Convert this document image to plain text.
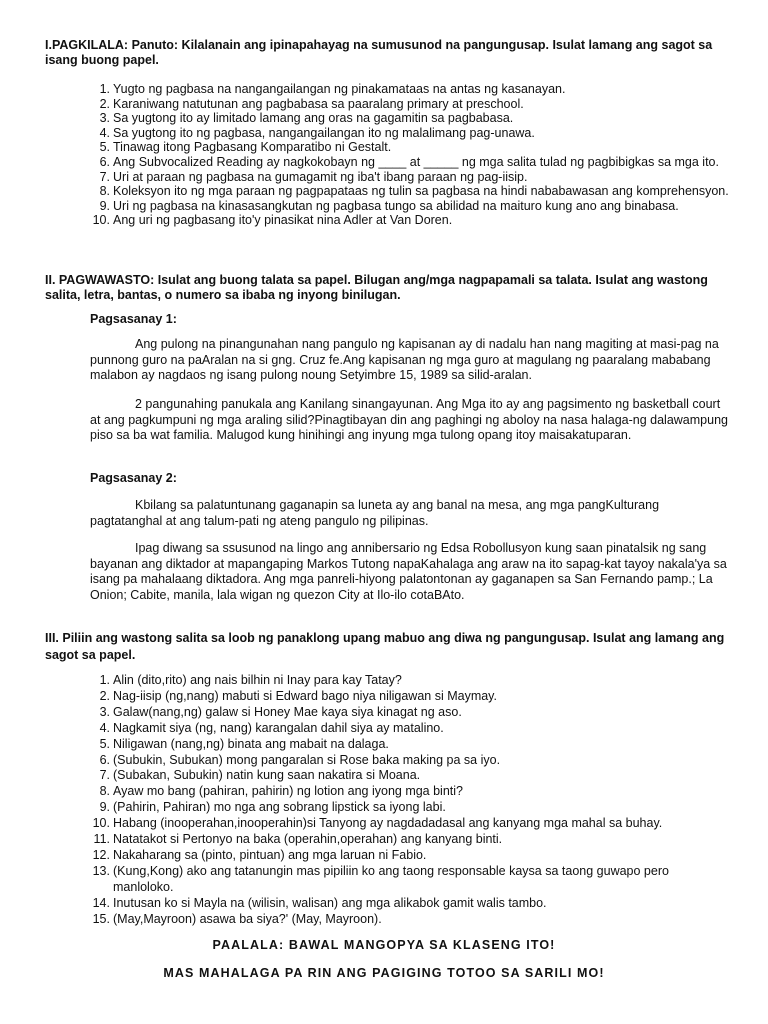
I.PAGKILALA: Panuto: Kilalanain ang ipinapahayag na sumusunod na pangungusap. Isulat lamang ang sagot sa isang buong papel.

1. Yugto ng pagbasa na nangangailangan ng pinakamataas na antas ng kasanayan.
2. Karaniwang natutunan ang pagbabasa sa paaralang primary at preschool.
3. Sa yugtong ito ay limitado lamang ang oras na gagamitin sa pagbabasa.
4. Sa yugtong ito ng pagbasa, nangangailangan ito ng malalimang pag-unawa.
5. Tinawag itong Pagbasang Komparatibo ni Gestalt.
6. Ang Subvocalized Reading ay nagkokobayn ng ____ at _____ ng mga salita tulad ng pagbibigkas sa mga ito.
7. Uri at paraan ng pagbasa na gumagamit ng iba't ibang paraan ng pag-iisip.
8. Koleksyon ito ng mga paraan ng pagpapataas ng tulin sa pagbasa na hindi nababawasan ang komprehensyon.
9. Uri ng pagbasa na kinasasangkutan ng pagbasa tungo sa abilidad na maituro kung ano ang binabasa.
10. Ang uri ng pagbasang ito'y pinasikat nina Adler at Van Doren.

II. PAGWAWASTO: Isulat ang buong talata sa papel. Bilugan ang/mga nagpapamali sa talata. Isulat ang wastong salita, letra, bantas, o numero sa ibaba ng inyong binilugan.

Pagsasanay 1:

Ang pulong na pinangunahan nang pangulo ng kapisanan ay di nadalu han nang magiting at masi-pag na punnong guro na paAralan na si gng. Cruz fe.Ang kapisanan ng mga guro at magulang ng paaralang mababang malabon ay nagdaos ng isang pulong noung Setyimbre 15, 1989 sa silid-aralan.

2 pangunahing panukala ang Kanilang sinangayunan. Ang Mga ito ay ang pagsimento ng basketball court at ang pagkumpuni ng mga araling silid?Pinagtibayan din ang paghingi ng aboloy na nasa halaga-ng dalawampung piso sa ba wat familia. Malugod kung hinihingi ang inyung mga tulong opang itoy maisakatuparan.

Pagsasanay 2:

Kbilang sa palatuntunang gaganapin sa luneta ay ang banal na mesa, ang mga pangKulturang pagtatanghal at ang talum-pati ng ateng pangulo ng pilipinas.

Ipag diwang sa ssusunod na lingo ang annibersario ng Edsa Robollusyon kung saan pinatalsik ng sang bayanan ang diktador at mapangaping Markos Tutong napaKahalaga ang araw na ito sapag-kat tayoy nakala'ya sa isang pa mahalaang diktadora. Ang mga panreli-hiyong palatontonan ay gaganapen sa San Fernando pamp.; La Onion; Cabite, manila, lala wigan ng quezon City at Ilo-ilo cotaBAto.

III. Piliin ang wastong salita sa loob ng panaklong upang mabuo ang diwa ng pangungusap. Isulat ang lamang ang sagot sa papel.

1. Alin (dito,rito) ang nais bilhin ni Inay para kay Tatay?
2. Nag-iisip (ng,nang) mabuti si Edward bago niya niligawan si Maymay.
3. Galaw(nang,ng) galaw si Honey Mae kaya siya kinagat ng aso.
4. Nagkamit siya (ng, nang) karangalan dahil siya ay matalino.
5. Niligawan (nang,ng) binata ang mabait na dalaga.
6. (Subukin, Subukan) mong pangaralan si Rose baka making pa sa iyo.
7. (Subakan, Subukin) natin kung saan nakatira si Moana.
8. Ayaw mo bang (pahiran, pahirin) ng lotion ang iyong mga binti?
9. (Pahirin, Pahiran) mo nga ang sobrang lipstick sa iyong labi.
10. Habang (inooperahan,inooperahin)si Tanyong ay nagdadadasal ang kanyang mga mahal sa buhay.
11. Natatakot si Pertonyo na baka (operahin,operahan) ang kanyang binti.
12. Nakaharang sa (pinto, pintuan) ang mga laruan ni Fabio.
13. (Kung,Kong) ako ang tatanungin mas pipiliin ko ang taong responsable kaysa sa taong guwapo pero manloloko.
14. Inutusan ko si Mayla na (wilisin, walisan) ang mga alikabok gamit walis tambo.
15. (May,Mayroon) asawa ba siya?' (May, Mayroon).

PAALALA: BAWAL MANGOPYA SA KLASENG ITO!

MAS MAHALAGA PA RIN ANG PAGIGING TOTOO SA SARILI MO!
